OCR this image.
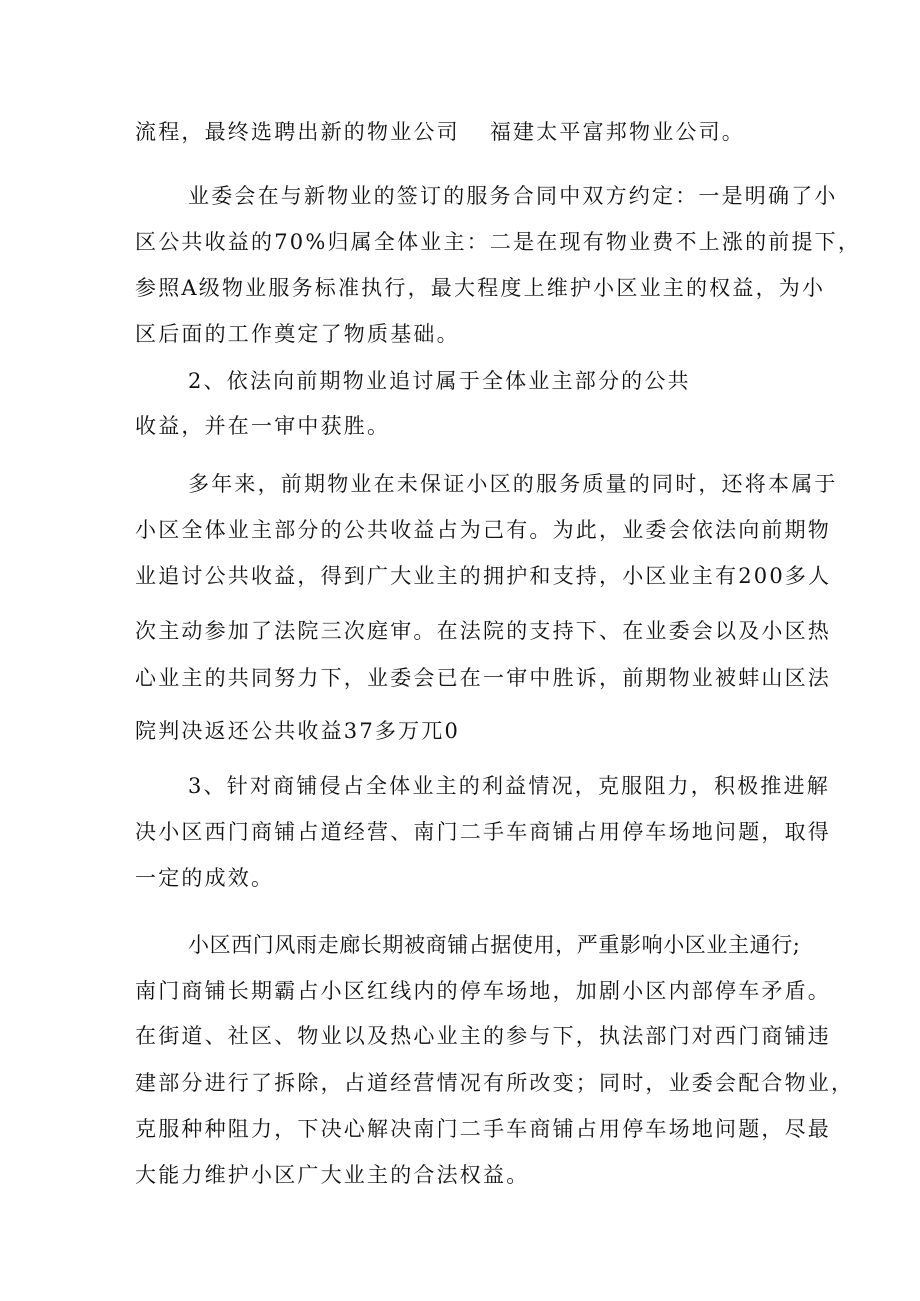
流程，最终选聘出新的物业公司 福建太平富邦物业公司。
业委会在与新物业的签订的服务合同中双方约定：一是明确了小
区公共收益的70%归属全体业主：二是在现有物业费不上涨的前提下，
参照A级物业服务标准执行，最大程度上维护小区业主的权益，为小
区后面的工作奠定了物质基础。
2、依法向前期物业追讨属于全体业主部分的公共
收益，并在一审中获胜。
多年来，前期物业在未保证小区的服务质量的同时，还将本属于
小区全体业主部分的公共收益占为己有。为此，业委会依法向前期物
业追讨公共收益，得到广大业主的拥护和支持，小区业主有200多人
次主动参加了法院三次庭审。在法院的支持下、在业委会以及小区热
心业主的共同努力下，业委会已在一审中胜诉，前期物业被蚌山区法
院判决返还公共收益37多万兀0
3、针对商铺侵占全体业主的利益情况，克服阻力，积极推进解
决小区西门商铺占道经营、南门二手车商铺占用停车场地问题，取得
一定的成效。
小区西门风雨走廊长期被商铺占据使用，严重影响小区业主通行;
南门商铺长期霸占小区红线内的停车场地，加剧小区内部停车矛盾。
在街道、社区、物业以及热心业主的参与下，执法部门对西门商铺违
建部分进行了拆除，占道经营情况有所改变；同时，业委会配合物业，
克服种种阻力，下决心解决南门二手车商铺占用停车场地问题，尽最
大能力维护小区广大业主的合法权益。
